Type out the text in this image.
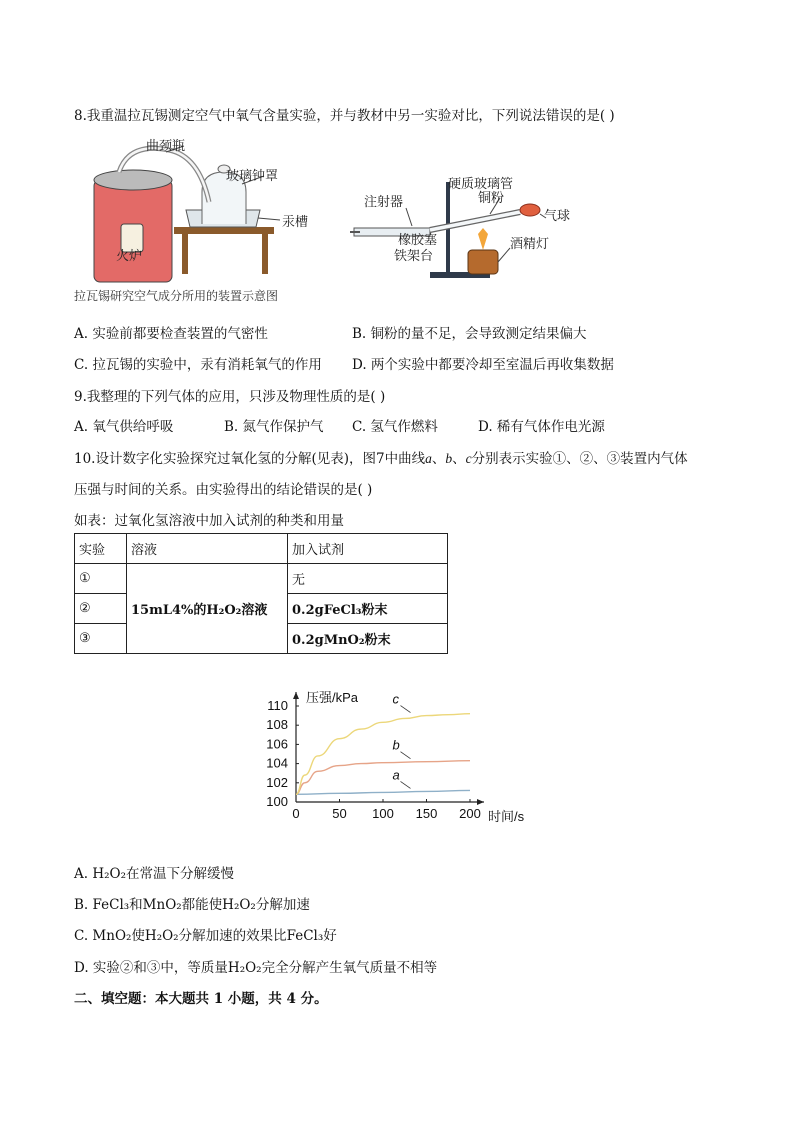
8.我重温拉瓦锡测定空气中氧气含量实验，并与教材中另一实验对比，下列说法错误的是( )
曲颈瓶
玻璃钟罩
汞槽
火炉
拉瓦锡研究空气成分所用的装置示意图
注射器
硬质玻璃管
铜粉
气球
橡胶塞	酒精灯
铁架台
A. 实验前都要检查装置的气密性	B. 铜粉的量不足，会导致测定结果偏大
C. 拉瓦锡的实验中，汞有消耗氧气的作用 D. 两个实验中都要冷却至室温后再收集数据
9.我整理的下列气体的应用，只涉及物理性质的是( )
A. 氧气供给呼吸	B. 氮气作保护气 C. 氢气作燃料	D. 稀有气体作电光源
10.设计数字化实验探究过氧化氢的分解(见表)，图7中曲线a、b、c分别表示实验①、②、③装置内气体
压强与时间的关系。由实验得出的结论错误的是( )
如表：过氧化氢溶液中加入试剂的种类和用量
实验	溶液	加入试剂
①	15mL4%的H₂O₂溶液	无
②		0.2gFeCl₃粉末
③		0.2gMnO₂粉末
压强/kPa
时间/s
0	50 100 150 200
100
102
104
106
108
110
a
b
c
A. H₂O₂在常温下分解缓慢
B. FeCl₃和MnO₂都能使H₂O₂分解加速
C. MnO₂使H₂O₂分解加速的效果比FeCl₃好
D. 实验②和③中，等质量H₂O₂完全分解产生氧气质量不相等
二、填空题：本大题共 1 小题，共 4 分。
